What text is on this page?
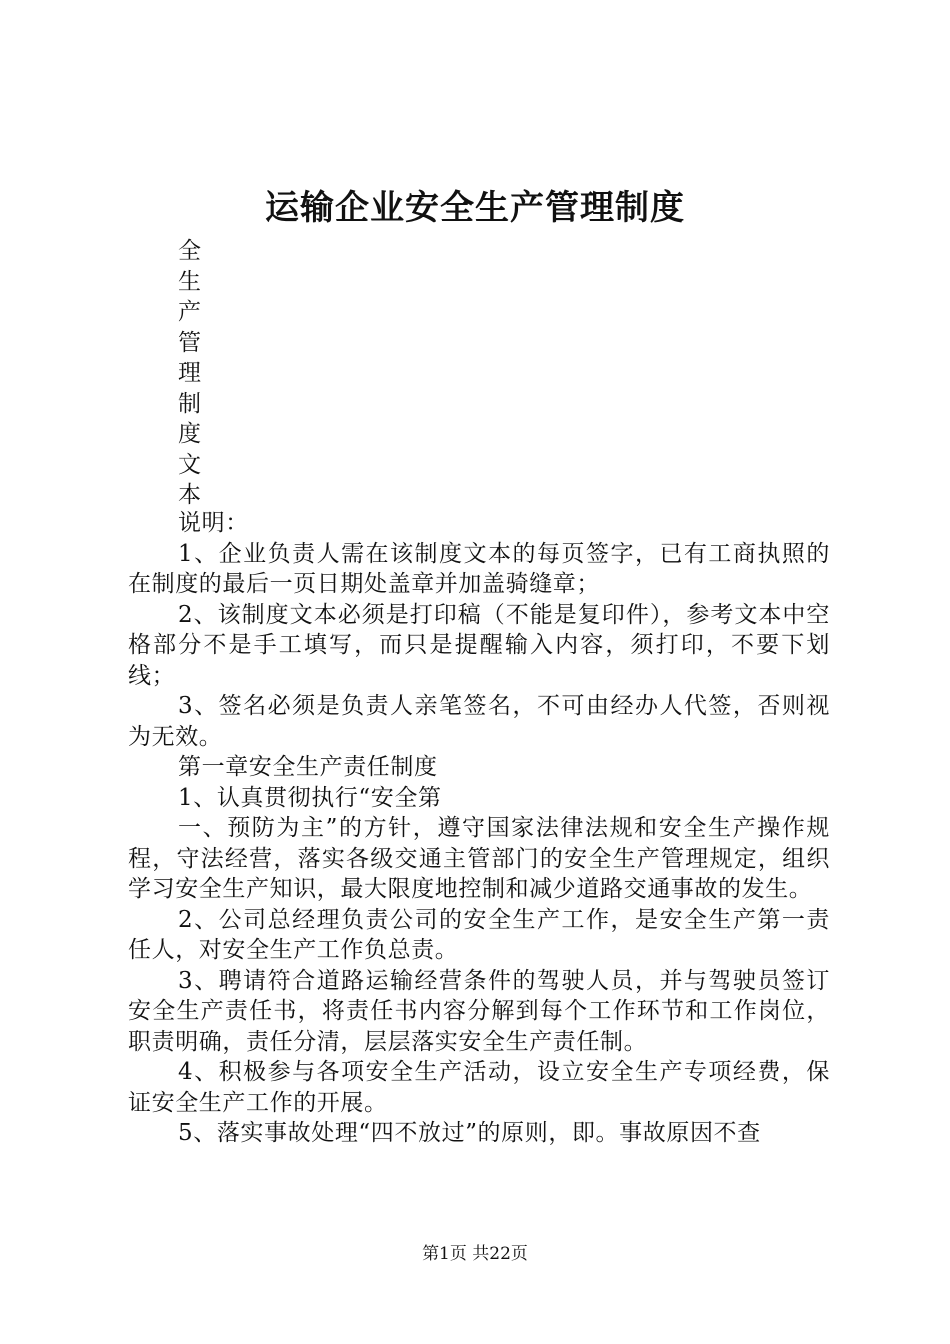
运输企业安全生产管理制度
全
生
产
管
理
制
度
文
本

说明：

1、企业负责人需在该制度文本的每页签字，已有工商执照的在制度的最后一页日期处盖章并加盖骑缝章；

2、该制度文本必须是打印稿（不能是复印件），参考文本中空格部分不是手工填写，而只是提醒输入内容，须打印，不要下划线；

3、签名必须是负责人亲笔签名，不可由经办人代签，否则视为无效。

第一章安全生产责任制度

1、认真贯彻执行“安全第

一、预防为主”的方针，遵守国家法律法规和安全生产操作规程，守法经营，落实各级交通主管部门的安全生产管理规定，组织学习安全生产知识，最大限度地控制和减少道路交通事故的发生。

2、公司总经理负责公司的安全生产工作，是安全生产第一责任人，对安全生产工作负总责。

3、聘请符合道路运输经营条件的驾驶人员，并与驾驶员签订安全生产责任书，将责任书内容分解到每个工作环节和工作岗位，职责明确，责任分清，层层落实安全生产责任制。

4、积极参与各项安全生产活动，设立安全生产专项经费，保证安全生产工作的开展。

5、落实事故处理“四不放过”的原则，即。事故原因不查

第1页 共22页
